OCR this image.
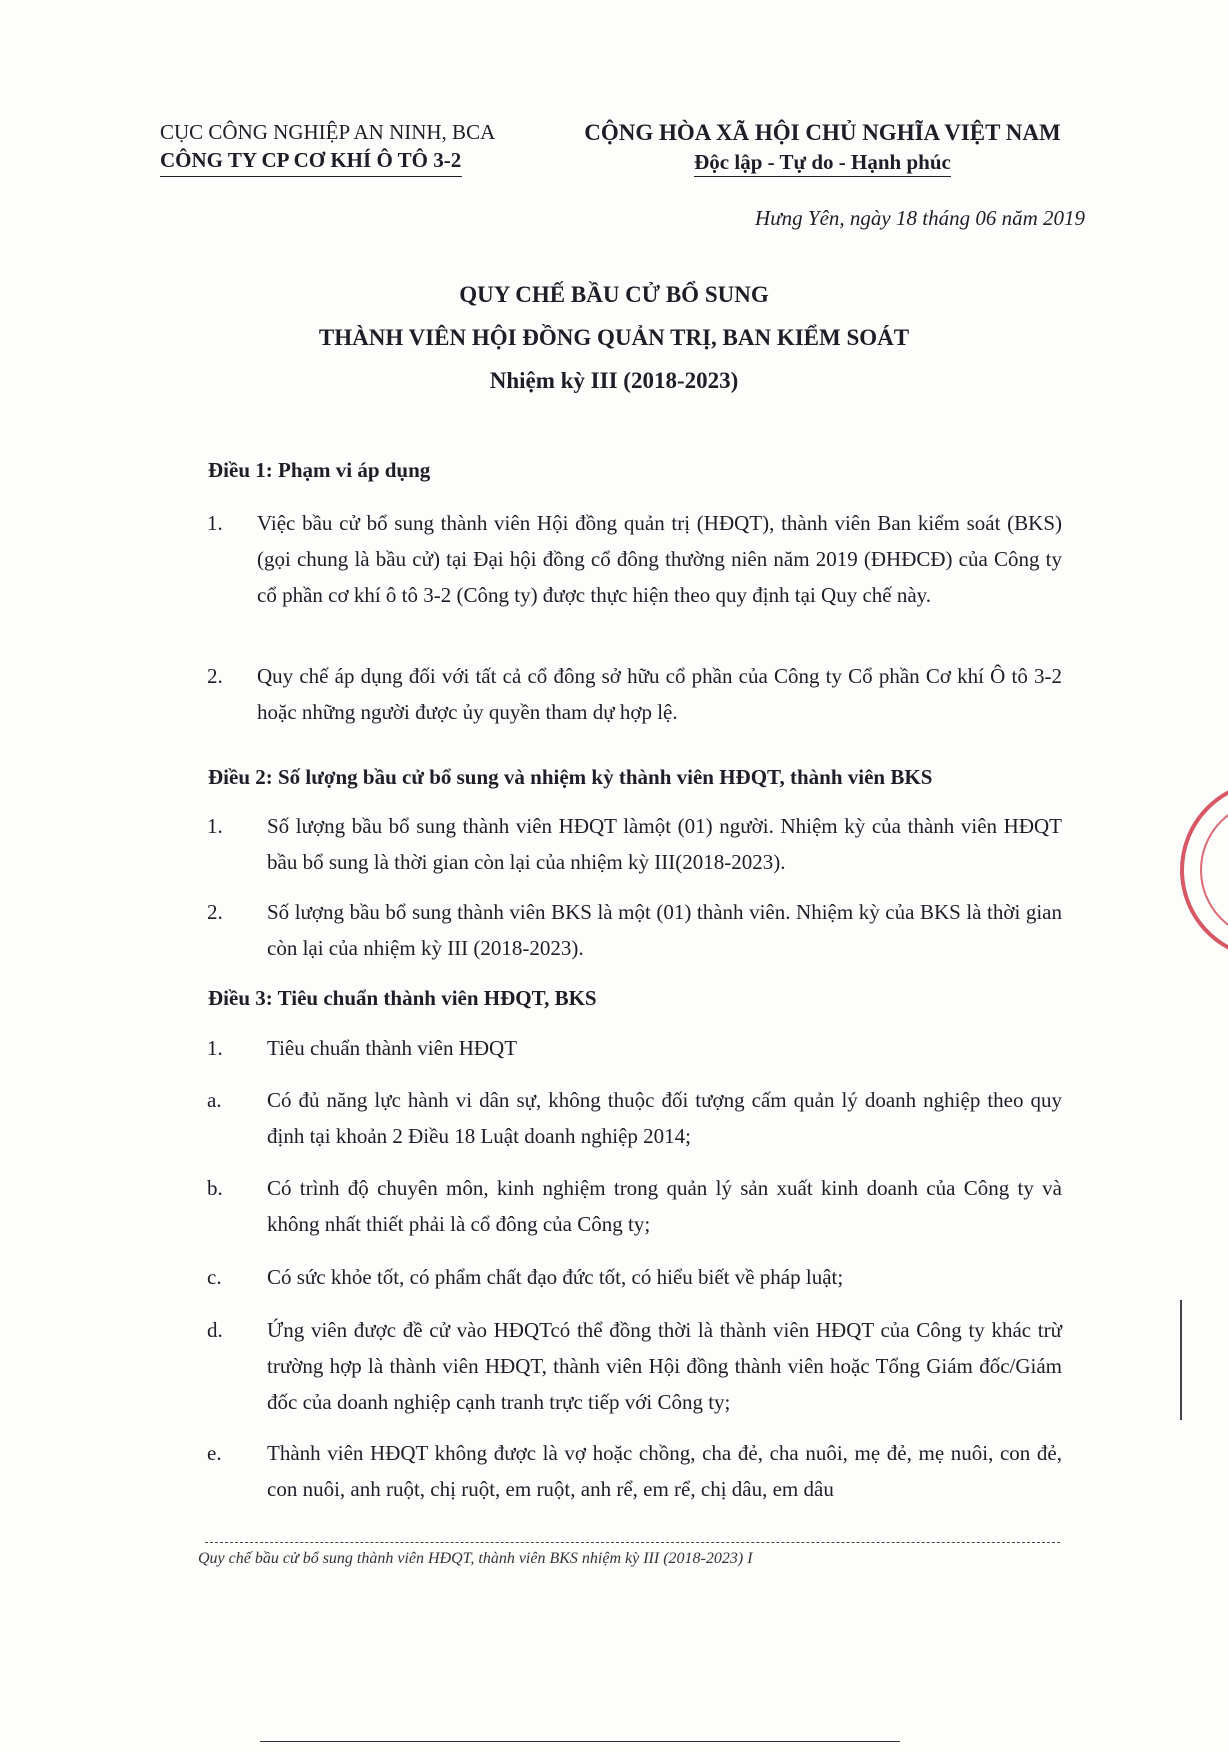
CỤC CÔNG NGHIỆP AN NINH, BCA
CÔNG TY CP CƠ KHÍ Ô TÔ 3-2
CỘNG HÒA XÃ HỘI CHỦ NGHĨA VIỆT NAM
Độc lập - Tự do - Hạnh phúc
Hưng Yên, ngày 18 tháng 06 năm 2019
QUY CHẾ BẦU CỬ BỔ SUNG
THÀNH VIÊN HỘI ĐỒNG QUẢN TRỊ, BAN KIỂM SOÁT
Nhiệm kỳ III (2018-2023)
Điều 1: Phạm vi áp dụng
1.	Việc bầu cử bổ sung thành viên Hội đồng quản trị (HĐQT), thành viên Ban kiểm soát (BKS) (gọi chung là bầu cử) tại Đại hội đồng cổ đông thường niên năm 2019 (ĐHĐCĐ) của Công ty cổ phần cơ khí ô tô 3-2 (Công ty) được thực hiện theo quy định tại Quy chế này.
2.	Quy chế áp dụng đối với tất cả cổ đông sở hữu cổ phần của Công ty Cổ phần Cơ khí Ô tô 3-2 hoặc những người được ủy quyền tham dự hợp lệ.
Điều 2: Số lượng bầu cử bổ sung và nhiệm kỳ thành viên HĐQT, thành viên BKS
1.	Số lượng bầu bổ sung thành viên HĐQT làmột (01) người. Nhiệm kỳ của thành viên HĐQT bầu bổ sung là thời gian còn lại của nhiệm kỳ III(2018-2023).
2.	Số lượng bầu bổ sung thành viên BKS là một (01) thành viên. Nhiệm kỳ của BKS là thời gian còn lại của nhiệm kỳ III (2018-2023).
Điều 3: Tiêu chuẩn thành viên HĐQT, BKS
1.	Tiêu chuẩn thành viên HĐQT
a.	Có đủ năng lực hành vi dân sự, không thuộc đối tượng cấm quản lý doanh nghiệp theo quy định tại khoản 2 Điều 18 Luật doanh nghiệp 2014;
b.	Có trình độ chuyên môn, kinh nghiệm trong quản lý sản xuất kinh doanh của Công ty và không nhất thiết phải là cổ đông của Công ty;
c.	Có sức khỏe tốt, có phẩm chất đạo đức tốt, có hiểu biết về pháp luật;
d.	Ứng viên được đề cử vào HĐQTcó thể đồng thời là thành viên HĐQT của Công ty khác trừ trường hợp là thành viên HĐQT, thành viên Hội đồng thành viên hoặc Tổng Giám đốc/Giám đốc của doanh nghiệp cạnh tranh trực tiếp với Công ty;
e.	Thành viên HĐQT không được là vợ hoặc chồng, cha đẻ, cha nuôi, mẹ đẻ, mẹ nuôi, con đẻ, con nuôi, anh ruột, chị ruột, em ruột, anh rể, em rể, chị dâu, em dâu
Quy chế bầu cử bổ sung thành viên HĐQT, thành viên BKS nhiệm kỳ III (2018-2023) I
